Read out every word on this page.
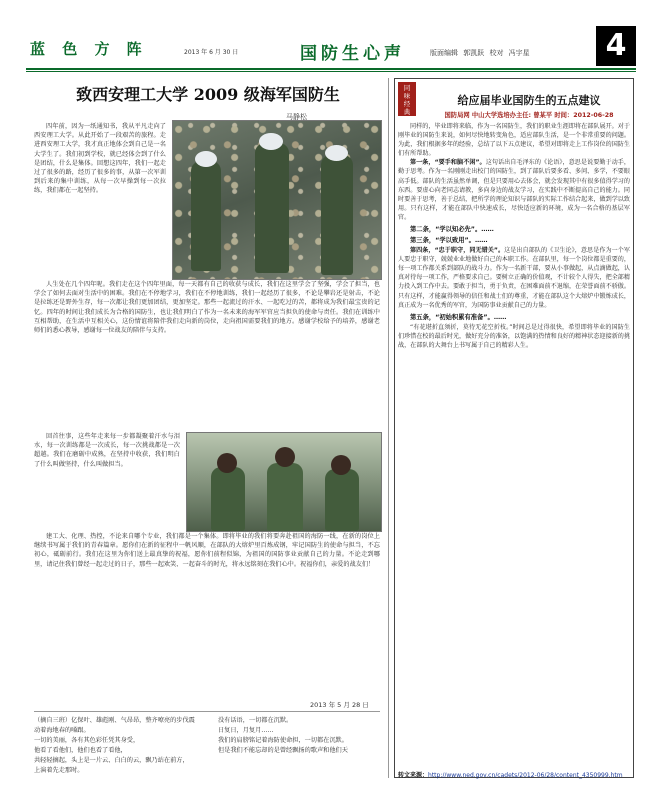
蓝 色 方 阵	2013 年 6 月 30 日	国防生心声	版面编辑 郭凯跃 校对 冯宇星	4
致西安理工大学 2009 级海军国防生
马静松

四年前，因为一纸通知书，我从平凡走向了西安理工大学。从此开始了一段艰苦的旅程。走进西安理工大学，我才真正地体会到自己是一名大学生了。我们初到学校，就已经体会到了什么是团结，什么是集体。回想这四年，我们一起走过了很多的路，经历了很多的事，从第一次军训到后来的集中训练，从每一次早操到每一次拉练，我们都在一起坚持。

人生处在几个四年呢。我们走在这个四年里面，每一天都有自己的收获与成长，我们在这里学会了坚强，学会了担当，也学会了如何去面对生活中的困难。我们在不停地学习，我们在不停地训练，我们一起经历了很多，不论是攀岩还是射击，不论是拉练还是野外生存，每一次都让我们更加团结，更加坚定。那些一起流过的汗水、一起吃过的苦，都将成为我们最宝贵的记忆。四年的时间让我们成长为合格的国防生，也让我们明白了作为一名未来的海军军官应当担负的使命与责任。我们在训练中互相帮助，在生活中互相关心，这份情谊将陪伴我们走向新的岗位，走向祖国需要我们的地方。感谢学校给予的培养，感谢老师们的悉心教导，感谢每一位战友的陪伴与支持。

回首往事，这些年走来每一步都凝聚着汗水与泪水，每一次训练都是一次成长，每一次挑战都是一次超越。我们在磨砺中成熟，在坚持中收获，我们明白了什么叫做坚持，什么叫做担当。

建工大、化理、热控，不论来自哪个专业，我们都是一个集体。即将毕业的我们将要奔赴祖国的海防一线，在新的岗位上继续书写属于我们的青春篇章。愿你们在新的征程中一帆风顺，在部队的大熔炉里百炼成钢，牢记国防生的使命与担当，不忘初心，砥砺前行。我们在这里为你们送上最真挚的祝福，愿你们前程似锦，为祖国的国防事业贡献自己的力量。不论走到哪里，请记住我们曾经一起走过的日子，那些一起欢笑、一起奋斗的时光，将永远铭刻在我们心中。祝福你们，亲爱的战友们！

2013 年 5 月 28 日
（摘自三班）亿保叶、雄彪刚、气昂昂，整齐嘹亮的步伐震
动着海地春的嗓跟。
一切的美丽，各有其色彩任凭其身受，
他看了看他们，他们也看了看他，
共轻轻摘起，头上是一片云、白白的云，飘乃站在前方，
上演着先走那时。
没有话语，一切都在沉默。
日复日，月复月……
我们的肩膀铭记着海防使命担，一切都在沉默。
但是我们不能忘却的是曾经飘扬的歌声和他们天
同
味
经
典
给应届毕业国防生的五点建议
国防局网 中山大学选培办主任: 曾某平 时间：2012-06-28

同样的，毕业即将来临，作为一名国防生，我们的职业生涯即将在部队展开。对于刚毕业的国防生来说，如何尽快地转变角色，适应部队生活，是一个非常重要的问题。为此，我们根据多年的经验，总结了以下五点建议，希望对即将走上工作岗位的国防生们有所帮助。

第一条，“要手和脑不闲”。这句话出自毛泽东的《论语》，意思是说要勤于动手，勤于思考。作为一名刚刚走出校门的国防生，到了部队后要多看、多问、多学，不要眼高手低。部队的生活虽然单调，但是只要用心去体会，就会发现其中有很多值得学习的东西。要虚心向老同志请教，多向身边的战友学习，在实践中不断提高自己的能力。同时要善于思考，善于总结，把所学的理论知识与部队的实际工作结合起来，做到学以致用。只有这样，才能在部队中快速成长，尽快适应新的环境，成为一名合格的基层军官。

第二条，“学以知必先”。……

第三条，“学以致用”。……

第四条，“忠于职守，同无错关”。这是出自部队的《卫生论》，意思是作为一个军人要忠于职守，兢兢业业地做好自己的本职工作。在部队里，每一个岗位都是重要的，每一项工作都关系到部队的战斗力。作为一名新干部，要从小事做起，从点滴做起，认真对待每一项工作，严格要求自己。要树立正确的价值观，不计较个人得失，把全部精力投入到工作中去。要敢于担当，勇于负责，在困难面前不退缩，在荣誉面前不骄傲。只有这样，才能赢得领导的信任和战士们的尊重，才能在部队这个大熔炉中锻炼成长，真正成为一名优秀的军官，为国防事业贡献自己的力量。

第五条，“初始积累有准备”。……

“有花堪折直须折，莫待无花空折枝。”时间总是过得很快，希望即将毕业的国防生们珍惜在校的最后时光，做好充分的准备，以饱满的热情和良好的精神状态迎接新的挑战，在部队的大舞台上书写属于自己的精彩人生。

转文来源：http://www.ned.gov.cn/cadets/2012-06/28/content_4350999.htm
